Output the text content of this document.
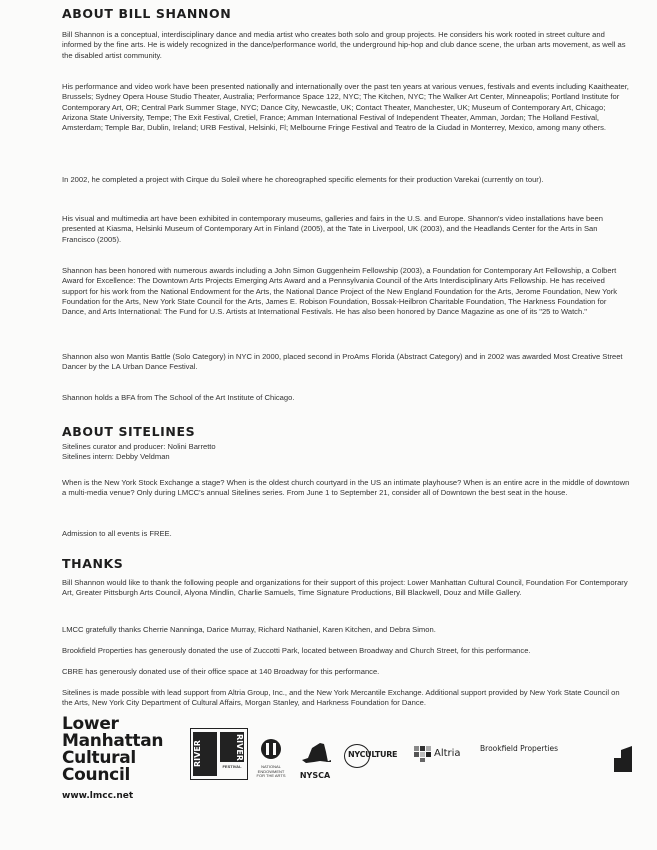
ABOUT BILL SHANNON

Bill Shannon is a conceptual, interdisciplinary dance and media artist who creates both solo and group projects. He considers his work rooted in street culture and informed by the fine arts. He is widely recognized in the dance/performance world, the underground hip-hop and club dance scene, the urban arts movement, as well as the disabled artist community.

His performance and video work have been presented nationally and internationally over the past ten years at various venues, festivals and events including Kaaitheater, Brussels; Sydney Opera House Studio Theater, Australia; Performance Space 122, NYC; The Kitchen, NYC; The Walker Art Center, Minneapolis; Portland Institute for Contemporary Art, OR; Central Park Summer Stage, NYC; Dance City, Newcastle, UK; Contact Theater, Manchester, UK; Museum of Contemporary Art, Chicago; Arizona State University, Tempe; The Exit Festival, Cretiel, France; Amman International Festival of Independent Theater, Amman, Jordan; The Holland Festival, Amsterdam; Temple Bar, Dublin, Ireland; URB Festival, Helsinki, Fl; Melbourne Fringe Festival and Teatro de la Ciudad in Monterrey, Mexico, among many others.

In 2002, he completed a project with Cirque du Soleil where he choreographed specific elements for their production Varekai (currently on tour).

His visual and multimedia art have been exhibited in contemporary museums, galleries and fairs in the U.S. and Europe. Shannon's video installations have been presented at Kiasma, Helsinki Museum of Contemporary Art in Finland (2005), at the Tate in Liverpool, UK (2003), and the Headlands Center for the Arts in San Francisco (2005).

Shannon has been honored with numerous awards including a John Simon Guggenheim Fellowship (2003), a Foundation for Contemporary Art Fellowship, a Colbert Award for Excellence: The Downtown Arts Projects Emerging Arts Award and a Pennsylvania Council of the Arts Interdisciplinary Arts Fellowship. He has received support for his work from the National Endowment for the Arts, the National Dance Project of the New England Foundation for the Arts, Jerome Foundation, New York Foundation for the Arts, New York State Council for the Arts, James E. Robison Foundation, Bossak-Heilbron Charitable Foundation, The Harkness Foundation for Dance, and Arts International: The Fund for U.S. Artists at International Festivals. He has also been honored by Dance Magazine as one of its "25 to Watch."

Shannon also won Mantis Battle (Solo Category) in NYC in 2000, placed second in ProAms Florida (Abstract Category) and in 2002 was awarded Most Creative Street Dancer by the LA Urban Dance Festival.

Shannon holds a BFA from The School of the Art Institute of Chicago.

ABOUT SITELINES

Sitelines curator and producer: Nolini Barretto

Sitelines intern: Debby Veldman

When is the New York Stock Exchange a stage? When is the oldest church courtyard in the US an intimate playhouse? When is an entire acre in the middle of downtown a multi-media venue? Only during LMCC's annual Sitelines series. From June 1 to September 21, consider all of Downtown the best seat in the house.

Admission to all events is FREE.

THANKS

Bill Shannon would like to thank the following people and organizations for their support of this project: Lower Manhattan Cultural Council, Foundation For Contemporary Art, Greater Pittsburgh Arts Council, Alyona Mindlin, Charlie Samuels, Time Signature Productions, Bill Blackwell, Douz and Mille Gallery.

LMCC gratefully thanks Cherrie Nanninga, Darice Murray, Richard Nathaniel, Karen Kitchen, and Debra Simon.

Brookfield Properties has generously donated the use of Zuccotti Park, located between Broadway and Church Street, for this performance.

CBRE has generously donated use of their office space at 140 Broadway for this performance.

Sitelines is made possible with lead support from Altria Group, Inc., and the New York Mercantile Exchange. Additional support provided by New York State Council on the Arts, New York City Department of Cultural Affairs, Morgan Stanley, and Harkness Foundation for Dance.

Lower
Manhattan
Cultural
Council
www.lmcc.net
RIVER	RIVER
FESTIVAL	NATIONAL ENDOWMENT FOR THE ARTS	NYSCA
NYCULTURE	Altria	Brookfield Properties
